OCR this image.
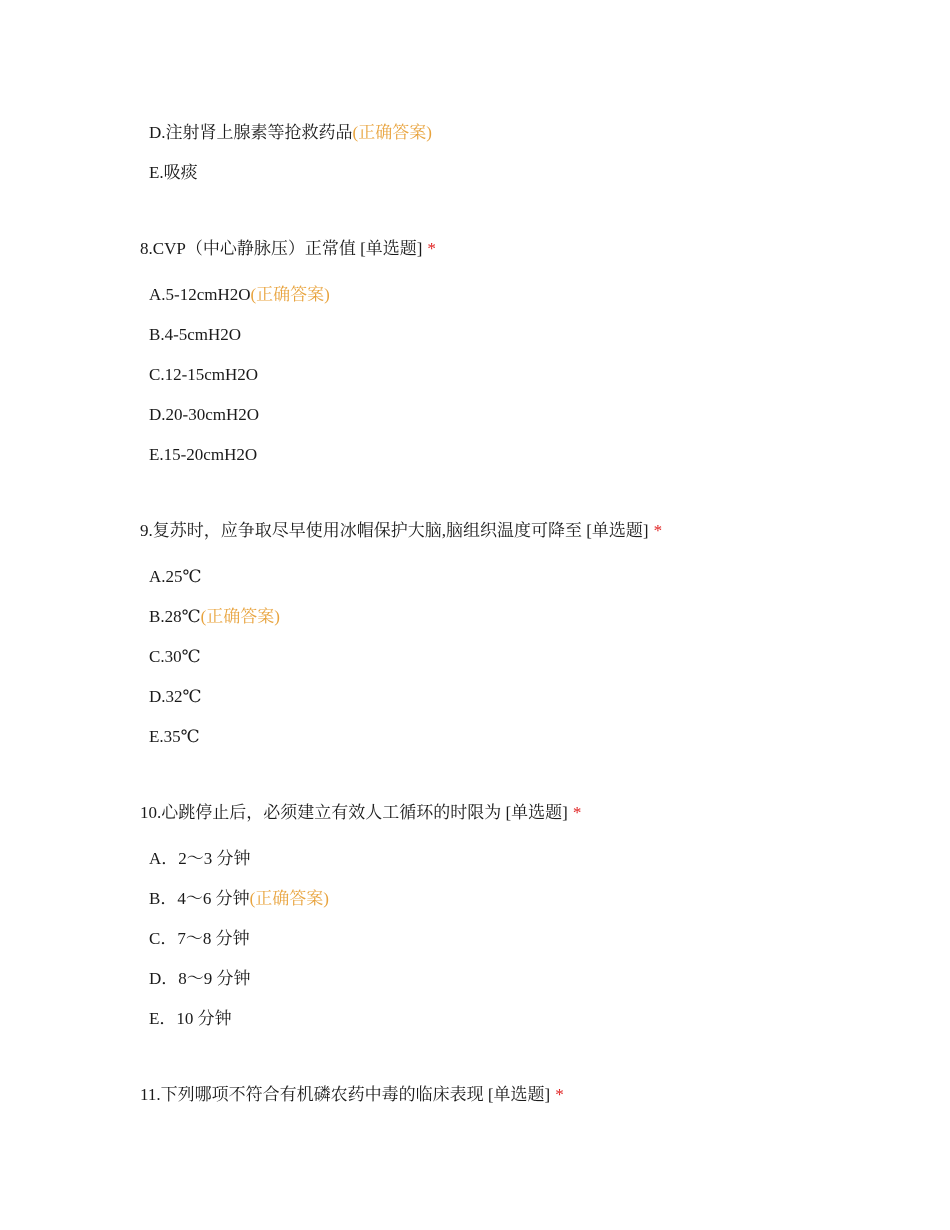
D.注射肾上腺素等抢救药品(正确答案)
E.吸痰
8.CVP（中心静脉压）正常值 [单选题] *
A.5-12cmH2O(正确答案)
B.4-5cmH2O
C.12-15cmH2O
D.20-30cmH2O
E.15-20cmH2O
9.复苏时，应争取尽早使用冰帽保护大脑,脑组织温度可降至 [单选题] *
A.25℃
B.28℃(正确答案)
C.30℃
D.32℃
E.35℃
10.心跳停止后，必须建立有效人工循环的时限为 [单选题] *
A．2～3 分钟
B．4～6 分钟(正确答案)
C．7～8 分钟
D．8～9 分钟
E．10 分钟
11.下列哪项不符合有机磷农药中毒的临床表现 [单选题] *
